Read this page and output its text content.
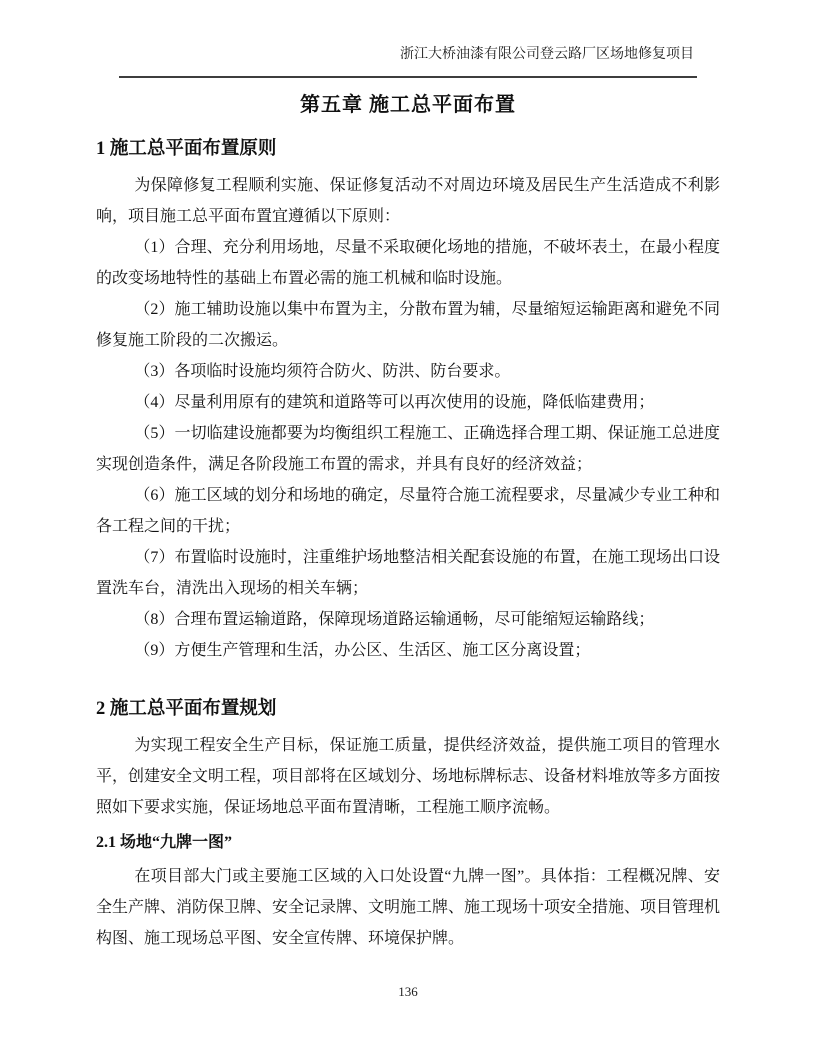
浙江大桥油漆有限公司登云路厂区场地修复项目
第五章 施工总平面布置
1 施工总平面布置原则

为保障修复工程顺利实施、保证修复活动不对周边环境及居民生产生活造成不利影响，项目施工总平面布置宜遵循以下原则：

（1）合理、充分利用场地，尽量不采取硬化场地的措施，不破坏表土，在最小程度的改变场地特性的基础上布置必需的施工机械和临时设施。

（2）施工辅助设施以集中布置为主，分散布置为辅，尽量缩短运输距离和避免不同修复施工阶段的二次搬运。

（3）各项临时设施均须符合防火、防洪、防台要求。

（4）尽量利用原有的建筑和道路等可以再次使用的设施，降低临建费用；

（5）一切临建设施都要为均衡组织工程施工、正确选择合理工期、保证施工总进度实现创造条件，满足各阶段施工布置的需求，并具有良好的经济效益；

（6）施工区域的划分和场地的确定，尽量符合施工流程要求，尽量减少专业工种和各工程之间的干扰；

（7）布置临时设施时，注重维护场地整洁相关配套设施的布置，在施工现场出口设置洗车台，清洗出入现场的相关车辆；

（8）合理布置运输道路，保障现场道路运输通畅，尽可能缩短运输路线；

（9）方便生产管理和生活，办公区、生活区、施工区分离设置；

2 施工总平面布置规划

为实现工程安全生产目标，保证施工质量，提供经济效益，提供施工项目的管理水平，创建安全文明工程，项目部将在区域划分、场地标牌标志、设备材料堆放等多方面按照如下要求实施，保证场地总平面布置清晰，工程施工顺序流畅。

2.1 场地“九牌一图”

在项目部大门或主要施工区域的入口处设置“九牌一图”。具体指：工程概况牌、安全生产牌、消防保卫牌、安全记录牌、文明施工牌、施工现场十项安全措施、项目管理机构图、施工现场总平图、安全宣传牌、环境保护牌。

136
